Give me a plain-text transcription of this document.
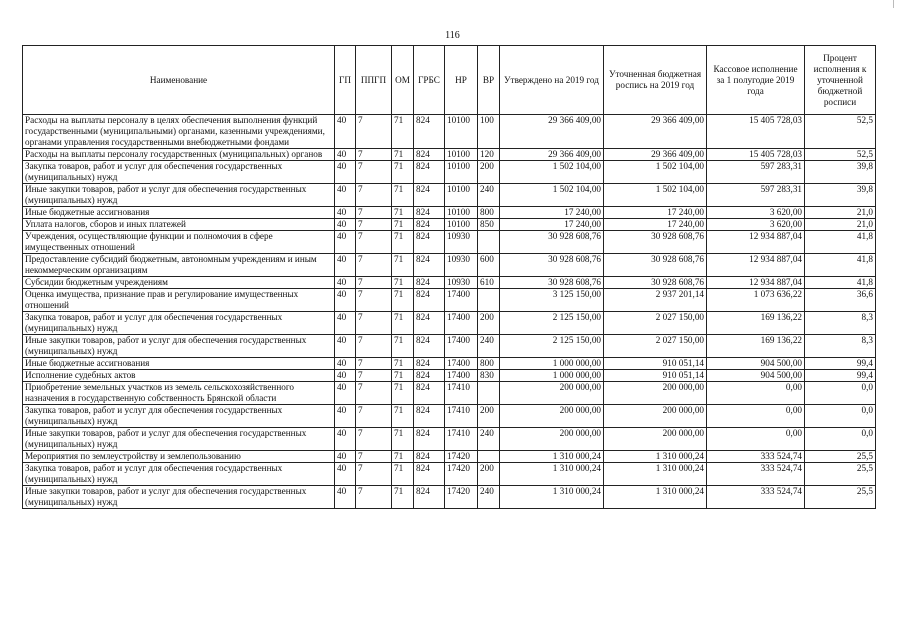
116
Наименование	ГП	ППГП	ОМ	ГРБС	НР	ВР	Утверждено на 2019 год	Уточненная бюджетная роспись на 2019 год	Кассовое исполнение за 1 полугодие 2019 года	Процент исполнения к уточненной бюджетной росписи
Расходы на выплаты персоналу в целях обеспечения выполнения функций государственными (муниципальными) органами, казенными учреждениями, органами управления государственными внебюджетными фондами	40	7	71	824	10100	100	29 366 409,00	29 366 409,00	15 405 728,03	52,5
Расходы на выплаты персоналу государственных (муниципальных) органов	40	7	71	824	10100	120	29 366 409,00	29 366 409,00	15 405 728,03	52,5
Закупка товаров, работ и услуг для обеспечения государственных (муниципальных) нужд	40	7	71	824	10100	200	1 502 104,00	1 502 104,00	597 283,31	39,8
Иные закупки товаров, работ и услуг для обеспечения государственных (муниципальных) нужд	40	7	71	824	10100	240	1 502 104,00	1 502 104,00	597 283,31	39,8
Иные бюджетные ассигнования	40	7	71	824	10100	800	17 240,00	17 240,00	3 620,00	21,0
Уплата налогов, сборов и иных платежей	40	7	71	824	10100	850	17 240,00	17 240,00	3 620,00	21,0
Учреждения, осуществляющие функции и полномочия в сфере имущественных отношений	40	7	71	824	10930		30 928 608,76	30 928 608,76	12 934 887,04	41,8
Предоставление субсидий бюджетным, автономным учреждениям и иным некоммерческим организациям	40	7	71	824	10930	600	30 928 608,76	30 928 608,76	12 934 887,04	41,8
Субсидии бюджетным учреждениям	40	7	71	824	10930	610	30 928 608,76	30 928 608,76	12 934 887,04	41,8
Оценка имущества, признание прав и регулирование имущественных отношений	40	7	71	824	17400		3 125 150,00	2 937 201,14	1 073 636,22	36,6
Закупка товаров, работ и услуг для обеспечения государственных (муниципальных) нужд	40	7	71	824	17400	200	2 125 150,00	2 027 150,00	169 136,22	8,3
Иные закупки товаров, работ и услуг для обеспечения государственных (муниципальных) нужд	40	7	71	824	17400	240	2 125 150,00	2 027 150,00	169 136,22	8,3
Иные бюджетные ассигнования	40	7	71	824	17400	800	1 000 000,00	910 051,14	904 500,00	99,4
Исполнение судебных актов	40	7	71	824	17400	830	1 000 000,00	910 051,14	904 500,00	99,4
Приобретение земельных участков из земель сельскохозяйственного назначения в государственную собственность Брянской области	40	7	71	824	17410		200 000,00	200 000,00	0,00	0,0
Закупка товаров, работ и услуг для обеспечения государственных (муниципальных) нужд	40	7	71	824	17410	200	200 000,00	200 000,00	0,00	0,0
Иные закупки товаров, работ и услуг для обеспечения государственных (муниципальных) нужд	40	7	71	824	17410	240	200 000,00	200 000,00	0,00	0,0
Мероприятия по землеустройству и землепользованию	40	7	71	824	17420		1 310 000,24	1 310 000,24	333 524,74	25,5
Закупка товаров, работ и услуг для обеспечения государственных (муниципальных) нужд	40	7	71	824	17420	200	1 310 000,24	1 310 000,24	333 524,74	25,5
Иные закупки товаров, работ и услуг для обеспечения государственных (муниципальных) нужд	40	7	71	824	17420	240	1 310 000,24	1 310 000,24	333 524,74	25,5
